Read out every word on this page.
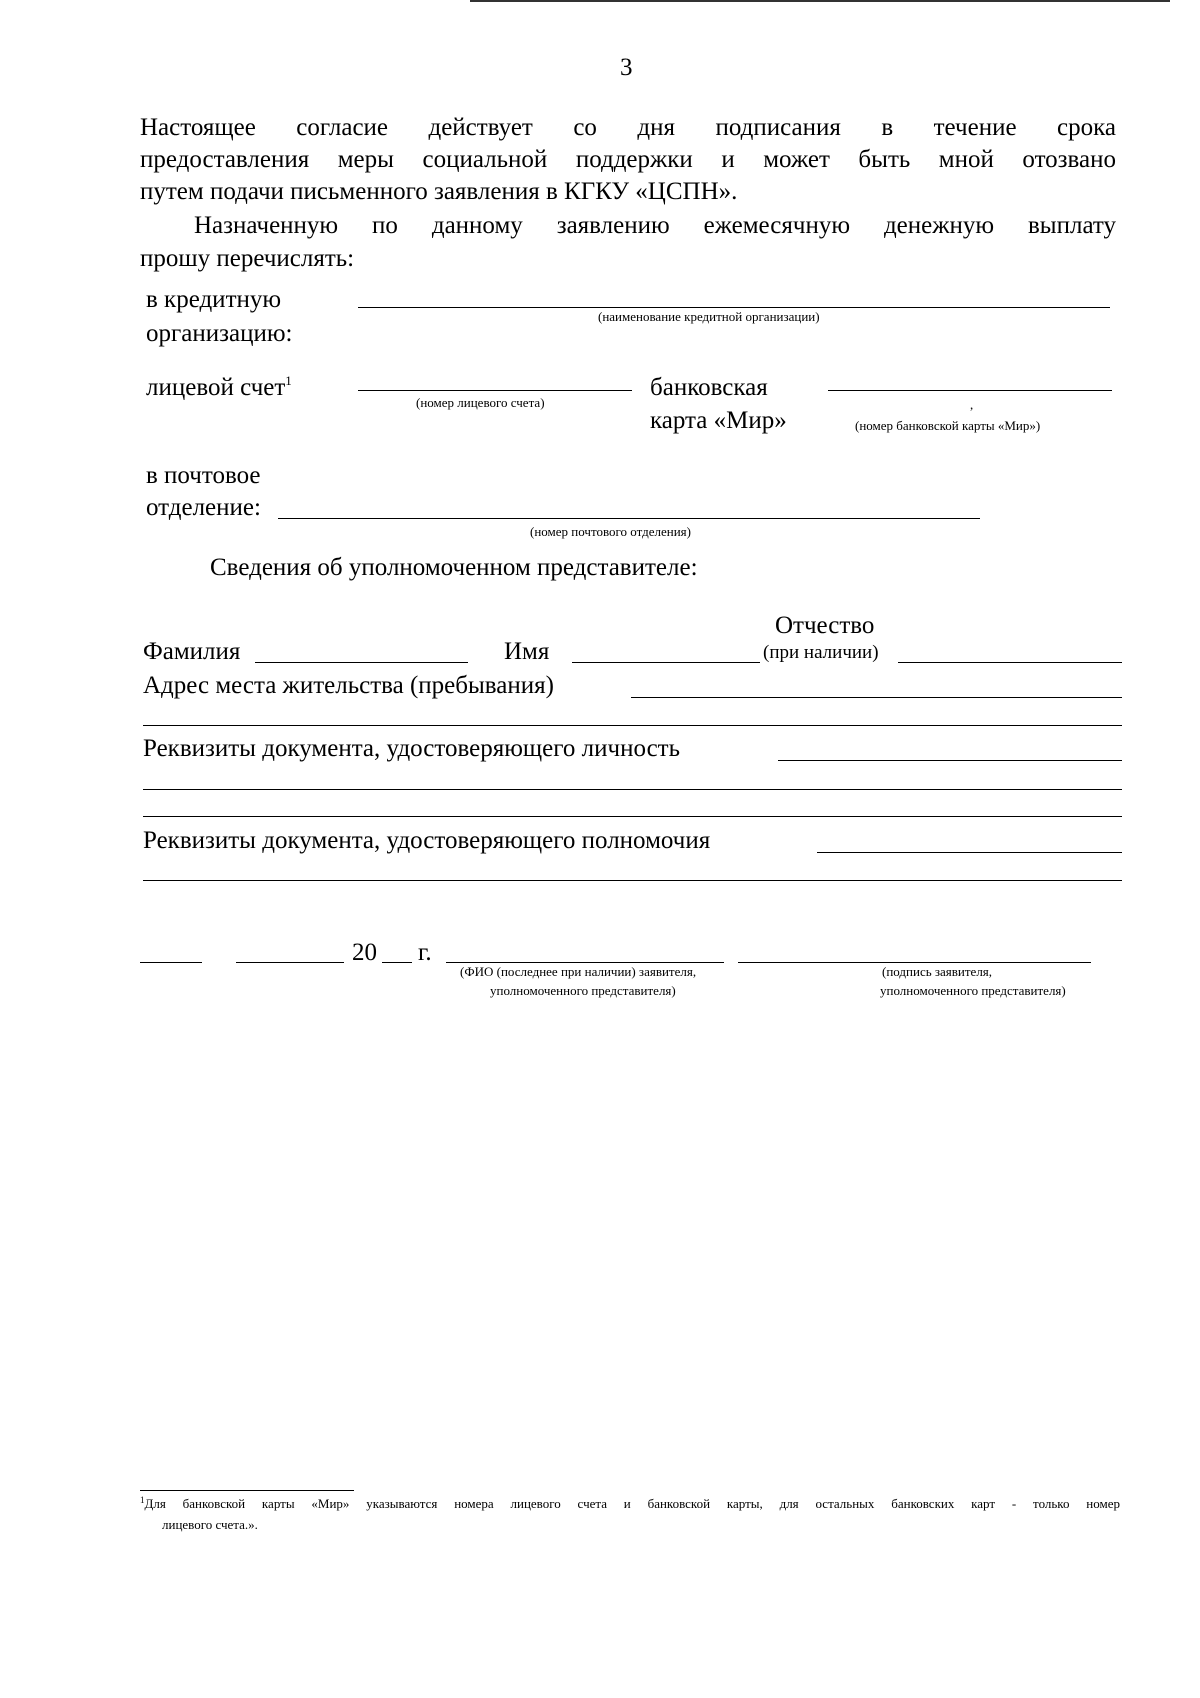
3
Настоящее согласие действует со дня подписания в течение срока
предоставления меры социальной поддержки и может быть мной отозвано
путем подачи письменного заявления в КГКУ «ЦСПН».
Назначенную по данному заявлению ежемесячную денежную выплату
прошу перечислять:
в кредитную
организацию:
(наименование кредитной организации)
лицевой счет$^1$
(номер лицевого счета)
банковская
карта «Мир»
,
(номер банковской карты «Мир»)
в почтовое
отделение:
(номер почтового отделения)
Сведения об уполномоченном представителе:
Отчество
Фамилия	Имя	(при наличии)
Адрес места жительства (пребывания)
Реквизиты документа, удостоверяющего личность
Реквизиты документа, удостоверяющего полномочия
20 г.
(ФИО (последнее при наличии) заявителя,
уполномоченного представителя)
(подпись заявителя,
уполномоченного представителя)
$^1$Для банковской карты «Мир» указываются номера лицевого счета и банковской карты, для остальных банковских карт - только номер
лицевого счета.».
